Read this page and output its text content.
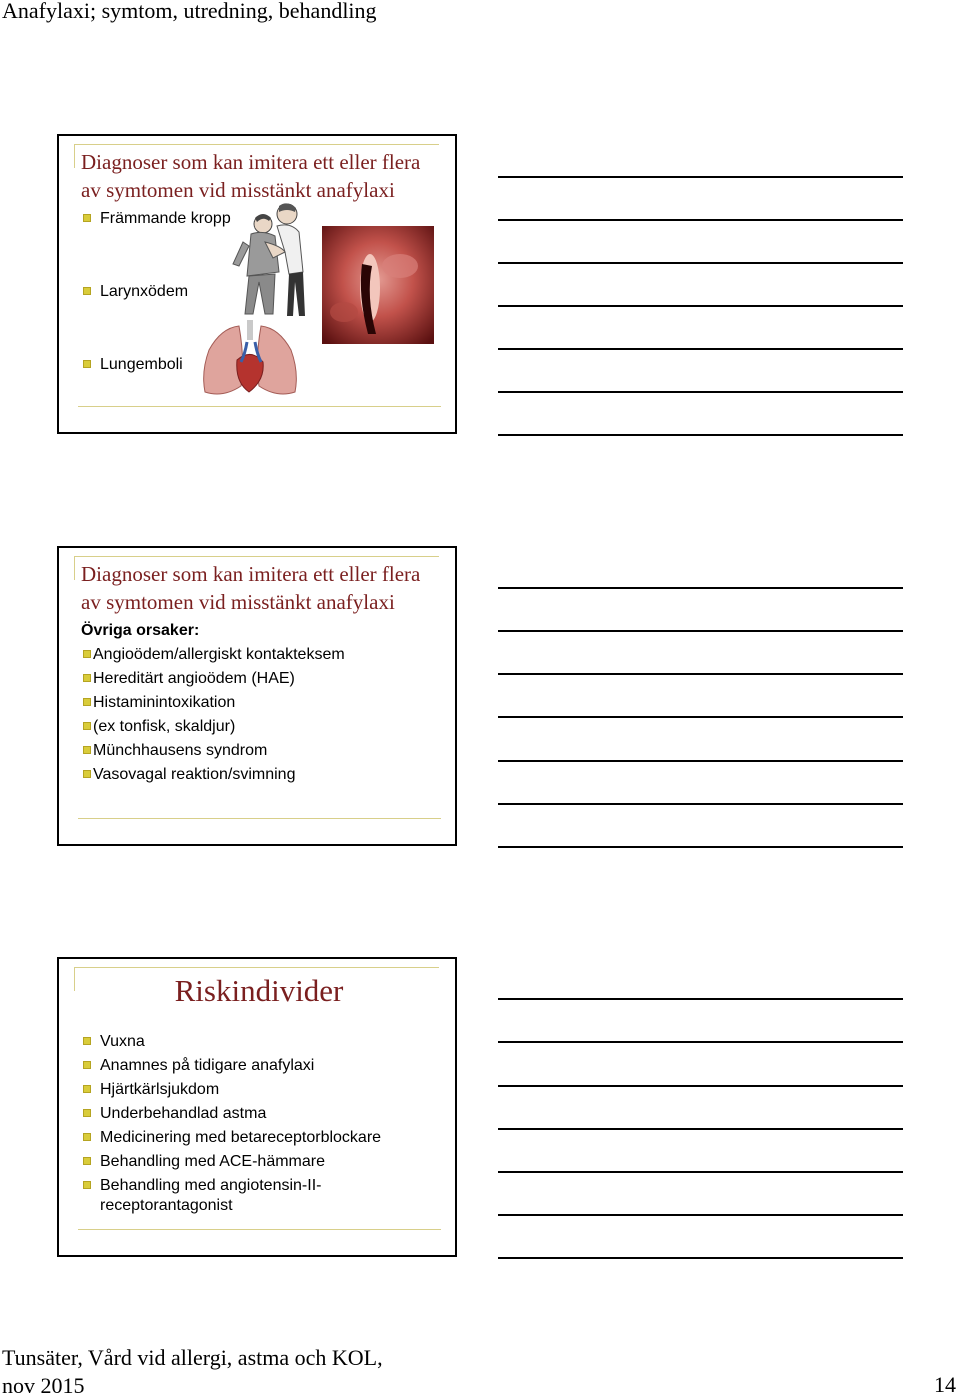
Anafylaxi; symtom, utredning, behandling
Diagnoser som kan imitera ett eller flera
av symtomen vid misstänkt anafylaxi
Främmande kropp
Larynxödem
Lungemboli
Diagnoser som kan imitera ett eller flera
av symtomen vid misstänkt anafylaxi
Övriga orsaker:
Angioödem/allergiskt kontakteksem
Hereditärt angioödem (HAE)
Histaminintoxikation
(ex tonfisk, skaldjur)
Münchhausens syndrom
Vasovagal reaktion/svimning
Riskindivider
Vuxna
Anamnes på tidigare anafylaxi
Hjärtkärlsjukdom
Underbehandlad astma
Medicinering med betareceptorblockare
Behandling med ACE-hämmare
Behandling med angiotensin-II-
receptorantagonist
Tunsäter, Vård vid allergi, astma och KOL,
nov 2015	14
